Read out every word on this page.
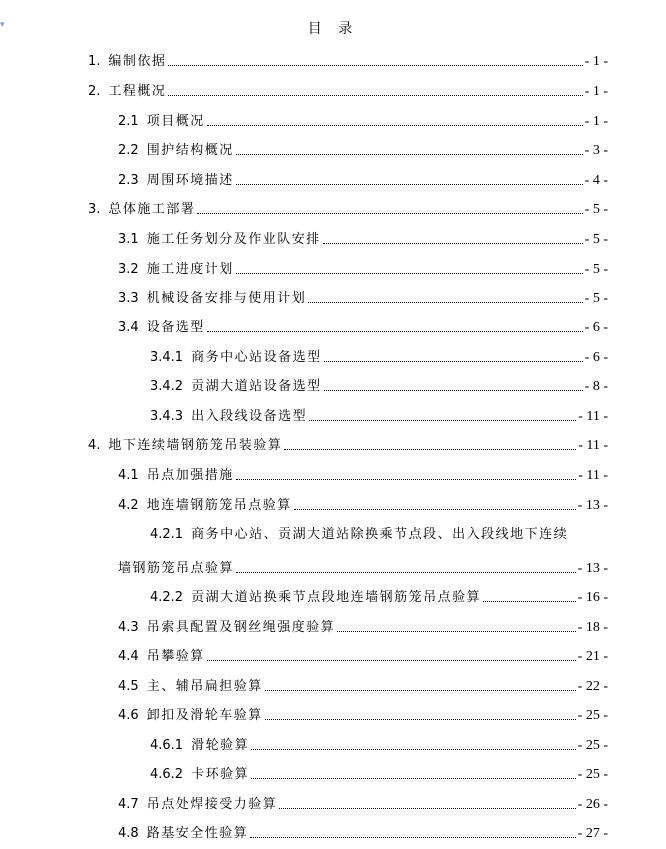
▾	目 录
1. 编制依据	- 1 -
2. 工程概况	- 1 -
2.1 项目概况	- 1 -
2.2 围护结构概况	- 3 -
2.3 周围环境描述	- 4 -
3. 总体施工部署	- 5 -
3.1 施工任务划分及作业队安排	- 5 -
3.2 施工进度计划	- 5 -
3.3 机械设备安排与使用计划	- 5 -
3.4 设备选型	- 6 -
3.4.1 商务中心站设备选型	- 6 -
3.4.2 贡湖大道站设备选型	- 8 -
3.4.3 出入段线设备选型	- 11 -
4. 地下连续墙钢筋笼吊装验算	- 11 -
4.1 吊点加强措施	- 11 -
4.2 地连墙钢筋笼吊点验算	- 13 -
4.2.1 商务中心站、贡湖大道站除换乘节点段、出入段线地下连续
墙钢筋笼吊点验算	- 13 -
4.2.2 贡湖大道站换乘节点段地连墙钢筋笼吊点验算	- 16 -
4.3 吊索具配置及钢丝绳强度验算	- 18 -
4.4 吊攀验算	- 21 -
4.5 主、辅吊扁担验算	- 22 -
4.6 卸扣及滑轮车验算	- 25 -
4.6.1 滑轮验算	- 25 -
4.6.2 卡环验算	- 25 -
4.7 吊点处焊接受力验算	- 26 -
4.8 路基安全性验算	- 27 -
